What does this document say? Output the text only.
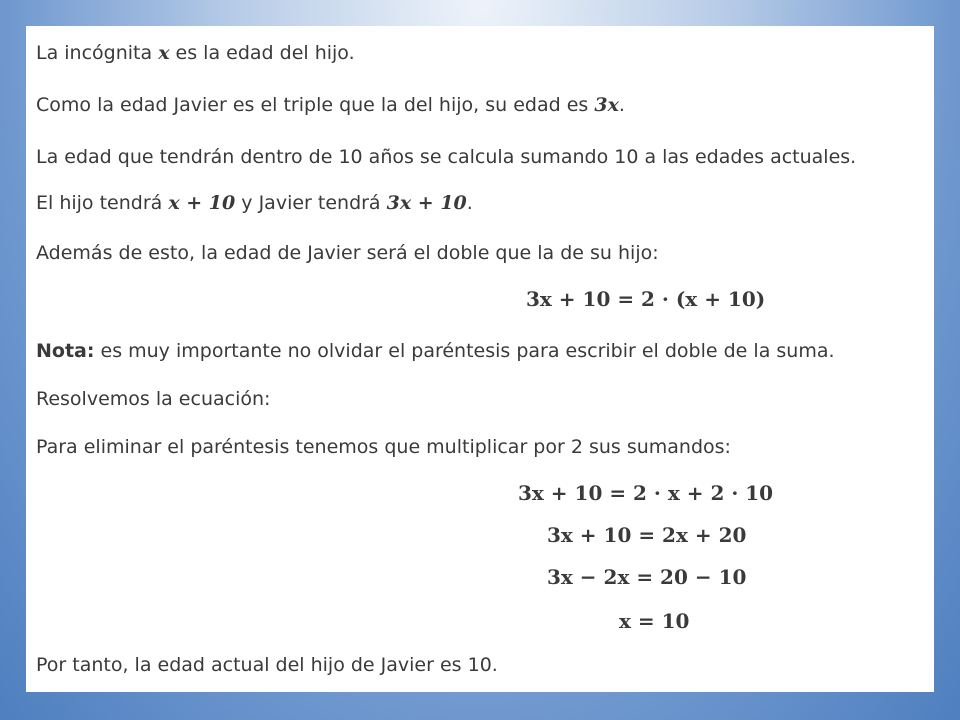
La incógnita x es la edad del hijo.
Como la edad Javier es el triple que la del hijo, su edad es 3x.
La edad que tendrán dentro de 10 años se calcula sumando 10 a las edades actuales.
El hijo tendrá x + 10 y Javier tendrá 3x + 10.
Además de esto, la edad de Javier será el doble que la de su hijo:
3x + 10 = 2 · (x + 10)
Nota: es muy importante no olvidar el paréntesis para escribir el doble de la suma.
Resolvemos la ecuación:
Para eliminar el paréntesis tenemos que multiplicar por 2 sus sumandos:
3x + 10 = 2 · x + 2 · 10
3x + 10 = 2x + 20
3x − 2x = 20 − 10
x = 10
Por tanto, la edad actual del hijo de Javier es 10.
